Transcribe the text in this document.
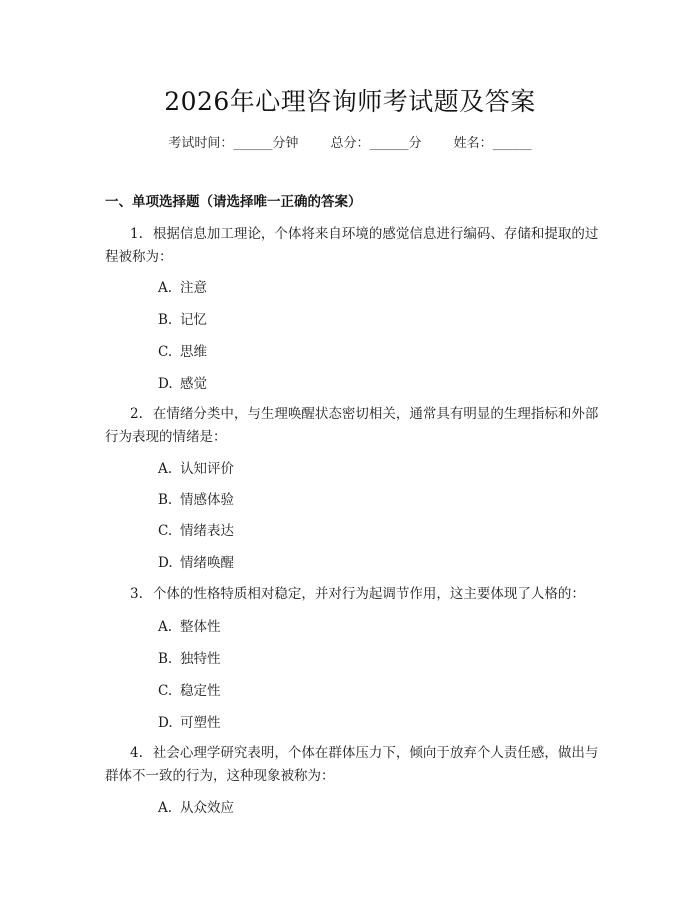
2026年心理咨询师考试题及答案
考试时间：______分钟 总分：______分 姓名：______
一、单项选择题（请选择唯一正确的答案）
1. 根据信息加工理论，个体将来自环境的感觉信息进行编码、存储和提取的过程被称为：
A. 注意
B. 记忆
C. 思维
D. 感觉
2. 在情绪分类中，与生理唤醒状态密切相关，通常具有明显的生理指标和外部行为表现的情绪是：
A. 认知评价
B. 情感体验
C. 情绪表达
D. 情绪唤醒
3. 个体的性格特质相对稳定，并对行为起调节作用，这主要体现了人格的：
A. 整体性
B. 独特性
C. 稳定性
D. 可塑性
4. 社会心理学研究表明，个体在群体压力下，倾向于放弃个人责任感，做出与群体不一致的行为，这种现象被称为：
A. 从众效应
